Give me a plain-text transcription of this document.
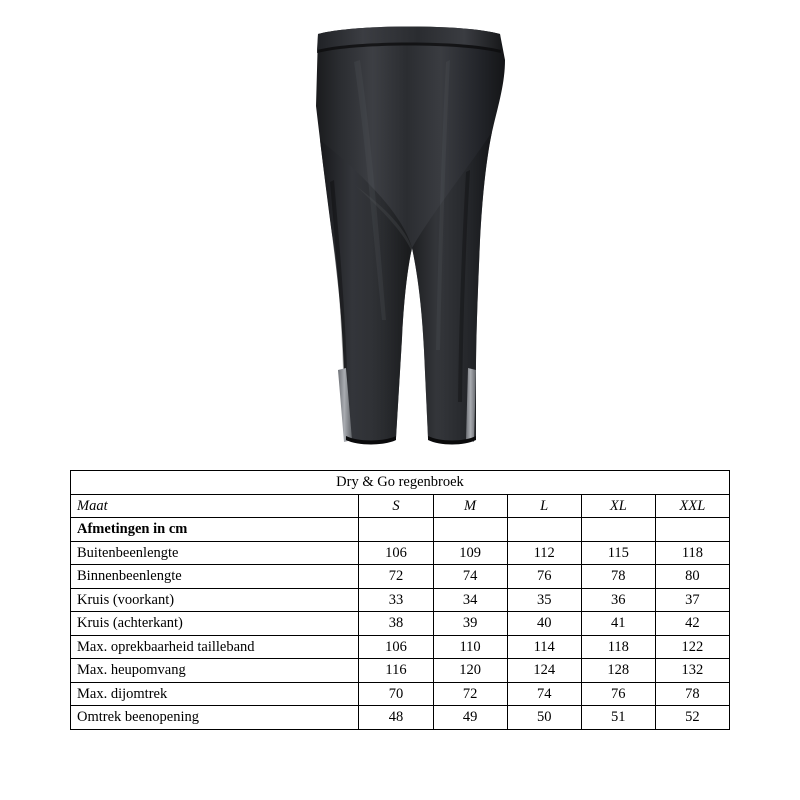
Dry & Go regenbroek					
Maat	S	M	L	XL	XXL
Afmetingen in cm					
Buitenbeenlengte	106	109	112	115	118
Binnenbeenlengte	72	74	76	78	80
Kruis (voorkant)	33	34	35	36	37
Kruis (achterkant)	38	39	40	41	42
Max. oprekbaarheid tailleband	106	110	114	118	122
Max. heupomvang	116	120	124	128	132
Max. dijomtrek	70	72	74	76	78
Omtrek beenopening	48	49	50	51	52
